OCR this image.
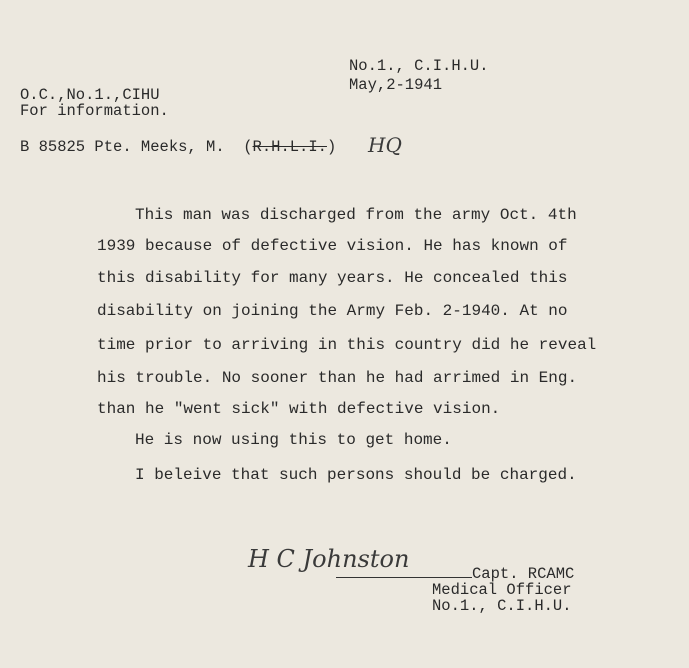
No.1., C.I.H.U.
May,2-1941
O.C.,No.1.,CIHU
For information.
B 85825 Pte. Meeks, M.  (R.H.L.I.) HQ
This man was discharged from the army Oct. 4th
1939 because of defective vision. He has known of
this disability for many years. He concealed this
disability on joining the Army Feb. 2-1940. At no
time prior to arriving in this country did he reveal
his trouble. No sooner than he had arrimed in Eng.
than he "went sick" with defective vision.
He is now using this to get home.
I beleive that such persons should be charged.
H C Johnston
Capt. RCAMC
Medical Officer
No.1., C.I.H.U.
